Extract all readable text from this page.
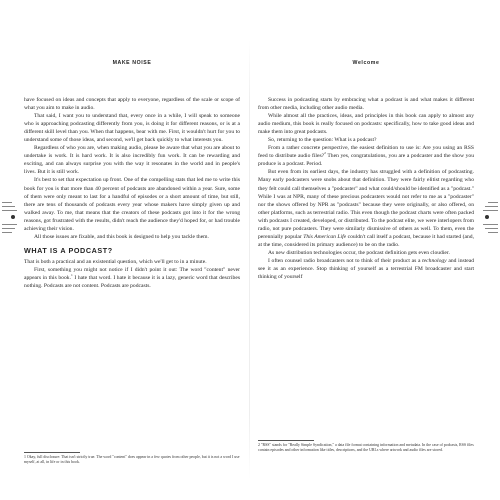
MAKE NOISE

have focused on ideas and concepts that apply to everyone, regardless of the scale or scope of what you aim to make in audio.

That said, I want you to understand that, every once in a while, I will speak to someone who is approaching podcasting differently from you, is doing it for different reasons, or is at a different skill level than you. When that happens, bear with me. First, it wouldn't hurt for you to understand some of those ideas, and second, we'll get back quickly to what interests you.

Regardless of who you are, when making audio, please be aware that what you are about to undertake is work. It is hard work. It is also incredibly fun work. It can be rewarding and exciting, and can always surprise you with the way it resonates in the world and in people's lives. But it is still work.

It's best to set that expectation up front. One of the compelling stats that led me to write this book for you is that more than 40 percent of podcasts are abandoned within a year. Sure, some of them were only meant to last for a handful of episodes or a short amount of time, but still, there are tens of thousands of podcasts every year whose makers have simply given up and walked away. To me, that means that the creators of these podcasts got into it for the wrong reasons, got frustrated with the results, didn't reach the audience they'd hoped for, or had trouble achieving their vision.

All those issues are fixable, and this book is designed to help you tackle them.

WHAT IS A PODCAST?

That is both a practical and an existential question, which we'll get to in a minute.

First, something you might not notice if I didn't point it out: The word "content" never appears in this book.$^1$ I hate that word. I hate it because it is a lazy, generic word that describes nothing. Podcasts are not content. Podcasts are podcasts.

1 Okay, full disclosure: That isn't strictly true. The word "content" does appear in a few quotes from other people, but it is not a word I use myself, at all, in life or in this book.

Welcome

Success in podcasting starts by embracing what a podcast is and what makes it different from other media, including other audio media.

While almost all the practices, ideas, and principles in this book can apply to almost any audio medium, this book is really focused on podcasts: specifically, how to take good ideas and make them into great podcasts.

So, returning to the question: What is a podcast?

From a rather concrete perspective, the easiest definition to use is: Are you using an RSS feed to distribute audio files?$^2$ Then yes, congratulations, you are a podcaster and the show you produce is a podcast. Period.

But even from its earliest days, the industry has struggled with a definition of podcasting. Many early podcasters were snobs about that definition. They were fairly elitist regarding who they felt could call themselves a "podcaster" and what could/should be identified as a "podcast." While I was at NPR, many of these precious podcasters would not refer to me as a "podcaster" nor the shows offered by NPR as "podcasts" because they were originally, or also offered, on other platforms, such as terrestrial radio. This even though the podcast charts were often packed with podcasts I created, developed, or distributed. To the podcast elite, we were interlopers from radio, not pure podcasters. They were similarly dismissive of others as well. To them, even the perennially popular This American Life couldn't call itself a podcast, because it had started (and, at the time, considered its primary audience) to be on the radio.

As new distribution technologies occur, the podcast definition gets even cloudier.

I often counsel radio broadcasters not to think of their product as a technology and instead see it as an experience. Stop thinking of yourself as a terrestrial FM broadcaster and start thinking of yourself

2 "RSS" stands for "Really Simple Syndication," a data file format containing information and metadata. In the case of podcasts, RSS files contain episodes and other information like titles, descriptions, and the URLs where artwork and audio files are stored.
